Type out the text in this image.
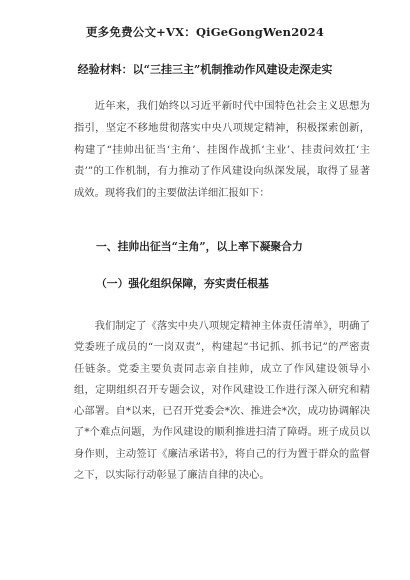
更多免费公文+VX：QiGeGongWen2024
经验材料：以“三挂三主”机制推动作风建设走深走实

近年来，我们始终以习近平新时代中国特色社会主义思想为指引，坚定不移地贯彻落实中央八项规定精神，积极探索创新，构建了“挂帅出征当‘主角’、挂图作战抓‘主业’、挂责问效扛‘主责’”的工作机制，有力推动了作风建设向纵深发展，取得了显著成效。现将我们的主要做法详细汇报如下：

一、挂帅出征当“主角”，以上率下凝聚合力
（一）强化组织保障，夯实责任根基

我们制定了《落实中央八项规定精神主体责任清单》，明确了党委班子成员的“一岗双责”，构建起“书记抓、抓书记”的严密责任链条。党委主要负责同志亲自挂帅，成立了作风建设领导小组，定期组织召开专题会议，对作风建设工作进行深入研究和精心部署。自*以来，已召开党委会*次、推进会*次，成功协调解决了*个难点问题，为作风建设的顺利推进扫清了障碍。班子成员以身作则，主动签订《廉洁承诺书》，将自己的行为置于群众的监督之下，以实际行动彰显了廉洁自律的决心。
